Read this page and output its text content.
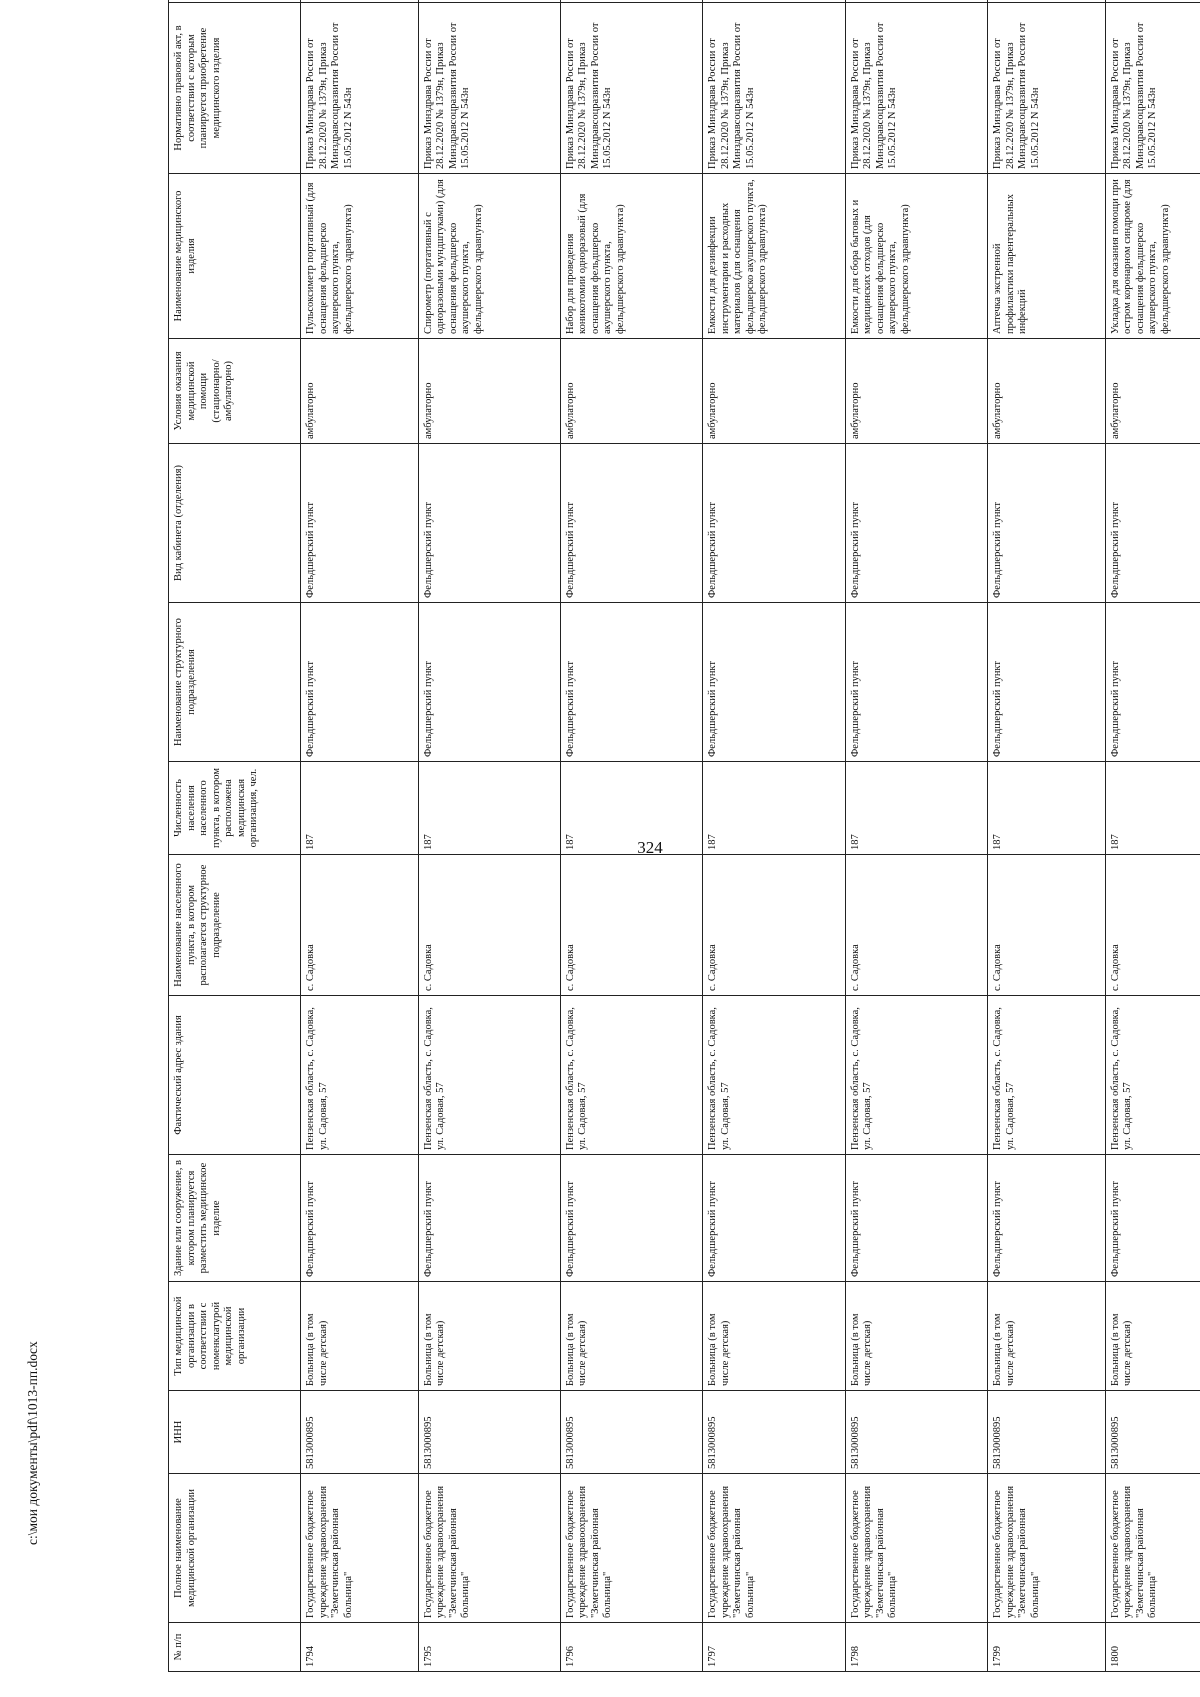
324
c:\мои документы\pdf\1013-пп.docx
№ п/п	Полное наименование медицинской организации	ИНН	Тип медицинской организации в соответствии с номенклатурой медицинской организации	Здание или сооружение, в котором планируется разместить медицинское изделие	Фактический адрес здания	Наименование населенного пункта, в котором располагается структурное подразделение	Численность населения населенного пункта, в котором расположена медицинская организация, чел.	Наименование структурного подразделения	Вид кабинета (отделения)	Условия оказания медицинской помощи (стационарно/ амбулаторно)	Наименование медицинского изделия	Нормативно правовой акт, в соответствии с которым планируется приобретение медицинского изделия		
1794	Государственное бюджетное учреждение здравоохранения "Земетчинская районная больница"	5813000895	Больница (в том числе детская)	Фельдшерский пункт	Пензенская область, с. Садовка, ул. Садовая, 57	с. Садовка	187	Фельдшерский пункт	Фельдшерский пункт	амбулаторно	Пульсоксиметр портативный (для оснащения фельдшерско акушерского пункта, фельдшерского здравпункта)	Приказ Минздрава России от 28.12.2020 № 1379н, Приказ Минздравсоцразвития России от 15.05.2012 N 543н		
1795	Государственное бюджетное учреждение здравоохранения "Земетчинская районная больница"	5813000895	Больница (в том числе детская)	Фельдшерский пункт	Пензенская область, с. Садовка, ул. Садовая, 57	с. Садовка	187	Фельдшерский пункт	Фельдшерский пункт	амбулаторно	Спирометр (портативный с одноразовыми мундштуками) (для оснащения фельдшерско акушерского пункта, фельдшерского здравпункта)	Приказ Минздрава России от 28.12.2020 № 1379н, Приказ Минздравсоцразвития России от 15.05.2012 N 543н		
1796	Государственное бюджетное учреждение здравоохранения "Земетчинская районная больница"	5813000895	Больница (в том числе детская)	Фельдшерский пункт	Пензенская область, с. Садовка, ул. Садовая, 57	с. Садовка	187	Фельдшерский пункт	Фельдшерский пункт	амбулаторно	Набор для проведения коникотомии одноразовый (для оснащения фельдшерско акушерского пункта, фельдшерского здравпункта)	Приказ Минздрава России от 28.12.2020 № 1379н, Приказ Минздравсоцразвития России от 15.05.2012 N 543н		
1797	Государственное бюджетное учреждение здравоохранения "Земетчинская районная больница"	5813000895	Больница (в том числе детская)	Фельдшерский пункт	Пензенская область, с. Садовка, ул. Садовая, 57	с. Садовка	187	Фельдшерский пункт	Фельдшерский пункт	амбулаторно	Емкости для дезинфекции инструментария и расходных материалов (для оснащения фельдшерско акушерского пункта, фельдшерского здравпункта)	Приказ Минздрава России от 28.12.2020 № 1379н, Приказ Минздравсоцразвития России от 15.05.2012 N 543н		
1798	Государственное бюджетное учреждение здравоохранения "Земетчинская районная больница"	5813000895	Больница (в том числе детская)	Фельдшерский пункт	Пензенская область, с. Садовка, ул. Садовая, 57	с. Садовка	187	Фельдшерский пункт	Фельдшерский пункт	амбулаторно	Емкости для сбора бытовых и медицинских отходов (для оснащения фельдшерско акушерского пункта, фельдшерского здравпункта)	Приказ Минздрава России от 28.12.2020 № 1379н, Приказ Минздравсоцразвития России от 15.05.2012 N 543н		
1799	Государственное бюджетное учреждение здравоохранения "Земетчинская районная больница"	5813000895	Больница (в том числе детская)	Фельдшерский пункт	Пензенская область, с. Садовка, ул. Садовая, 57	с. Садовка	187	Фельдшерский пункт	Фельдшерский пункт	амбулаторно	Аптечка экстренной профилактики парентеральных инфекций	Приказ Минздрава России от 28.12.2020 № 1379н, Приказ Минздравсоцразвития России от 15.05.2012 N 543н		
1800	Государственное бюджетное учреждение здравоохранения "Земетчинская районная больница"	5813000895	Больница (в том числе детская)	Фельдшерский пункт	Пензенская область, с. Садовка, ул. Садовая, 57	с. Садовка	187	Фельдшерский пункт	Фельдшерский пункт	амбулаторно	Укладка для оказания помощи при остром коронарном синдроме (для оснащения фельдшерско акушерского пункта, фельдшерского здравпункта)	Приказ Минздрава России от 28.12.2020 № 1379н, Приказ Минздравсоцразвития России от 15.05.2012 N 543н		
